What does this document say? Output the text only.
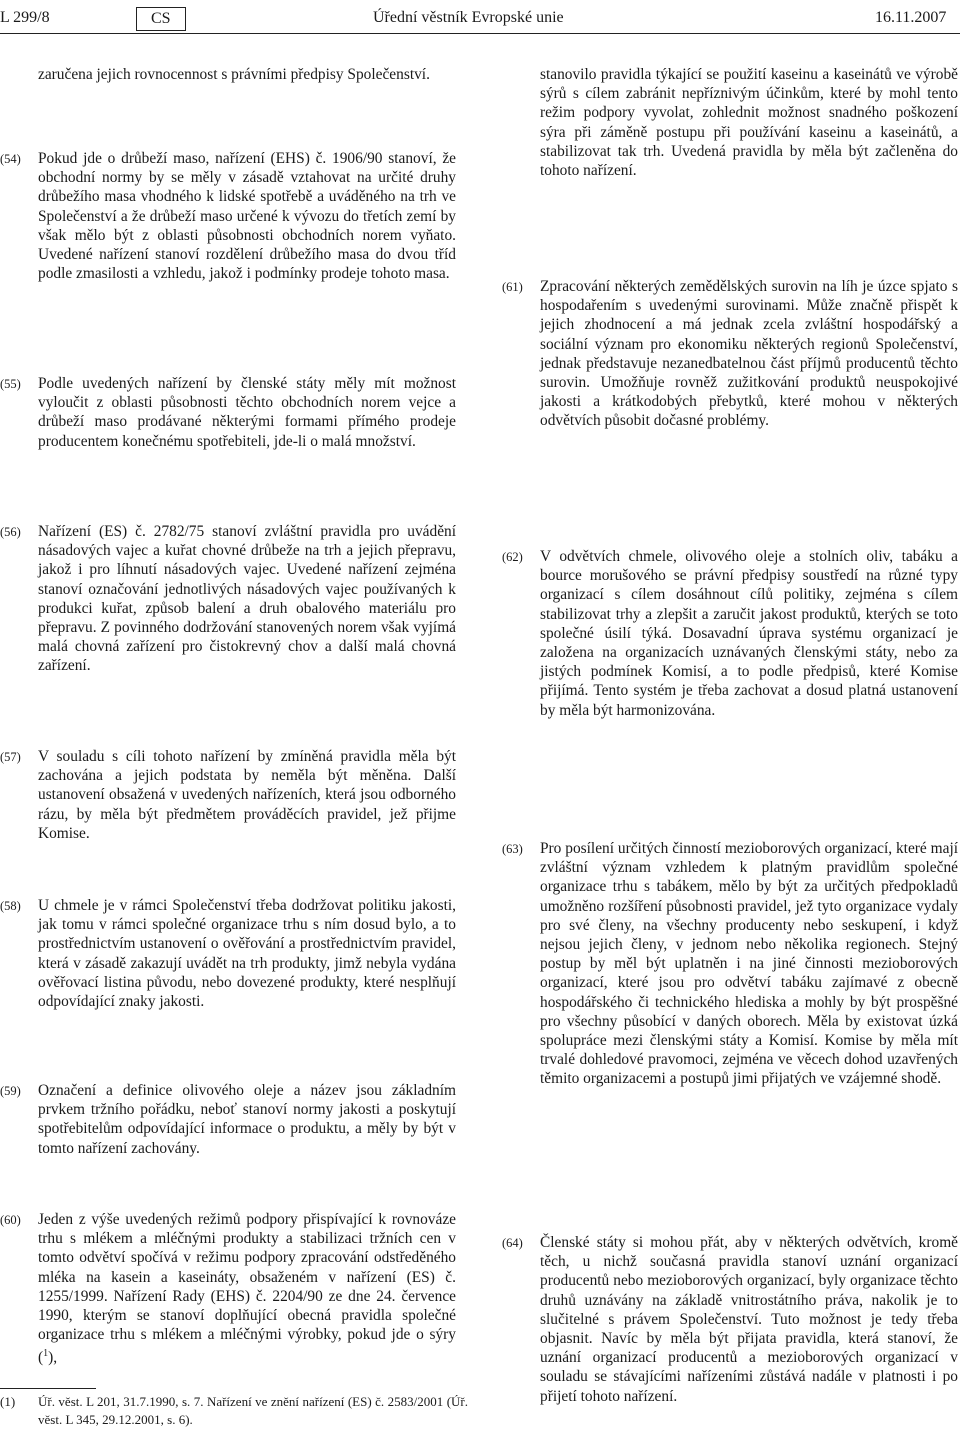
L 299/8	CS	Úřední věstník Evropské unie	16.11.2007

zaručena jejich rovnocennost s právními předpisy Společenství.

(54)	Pokud jde o drůbeží maso, nařízení (EHS) č. 1906/90 stanoví, že obchodní normy by se měly v zásadě vztahovat na určité druhy drůbežího masa vhodného k lidské spotřebě a uváděného na trh ve Společenství a že drůbeží maso určené k vývozu do třetích zemí by však mělo být z oblasti působnosti obchodních norem vyňato. Uvedené nařízení stanoví rozdělení drůbežího masa do dvou tříd podle zmasilosti a vzhledu, jakož i podmínky prodeje tohoto masa.

(55)	Podle uvedených nařízení by členské státy měly mít možnost vyloučit z oblasti působnosti těchto obchodních norem vejce a drůbeží maso prodávané některými formami přímého prodeje producentem konečnému spotřebiteli, jde-li o malá množství.

(56)	Nařízení (ES) č. 2782/75 stanoví zvláštní pravidla pro uvádění násadových vajec a kuřat chovné drůbeže na trh a jejich přepravu, jakož i pro líhnutí násadových vajec. Uvedené nařízení zejména stanoví označování jednotlivých násadových vajec používaných k produkci kuřat, způsob balení a druh obalového materiálu pro přepravu. Z povinného dodržování stanovených norem však vyjímá malá chovná zařízení pro čistokrevný chov a další malá chovná zařízení.

(57)	V souladu s cíli tohoto nařízení by zmíněná pravidla měla být zachována a jejich podstata by neměla být měněna. Další ustanovení obsažená v uvedených nařízeních, která jsou odborného rázu, by měla být předmětem prováděcích pravidel, jež přijme Komise.

(58)	U chmele je v rámci Společenství třeba dodržovat politiku jakosti, jak tomu v rámci společné organizace trhu s ním dosud bylo, a to prostřednictvím ustanovení o ověřování a prostřednictvím pravidel, která v zásadě zakazují uvádět na trh produkty, jimž nebyla vydána ověřovací listina původu, nebo dovezené produkty, které nesplňují odpovídající znaky jakosti.

(59)	Označení a definice olivového oleje a název jsou základním prvkem tržního pořádku, neboť stanoví normy jakosti a poskytují spotřebitelům odpovídající informace o produktu, a měly by být v tomto nařízení zachovány.

(60)	Jeden z výše uvedených režimů podpory přispívající k rovnováze trhu s mlékem a mléčnými produkty a stabilizaci tržních cen v tomto odvětví spočívá v režimu podpory zpracování odstředěného mléka na kasein a kaseináty, obsaženém v nařízení (ES) č. 1255/1999. Nařízení Rady (EHS) č. 2204/90 ze dne 24. července 1990, kterým se stanoví doplňující obecná pravidla společné organizace trhu s mlékem a mléčnými výrobky, pokud jde o sýry ($^1$),

stanovilo pravidla týkající se použití kaseinu a kaseinátů ve výrobě sýrů s cílem zabránit nepříznivým účinkům, které by mohl tento režim podpory vyvolat, zohlednit možnost snadného poškození sýra při záměně postupu při používání kaseinu a kaseinátů, a stabilizovat tak trh. Uvedená pravidla by měla být začleněna do tohoto nařízení.

(61)	Zpracování některých zemědělských surovin na líh je úzce spjato s hospodařením s uvedenými surovinami. Může značně přispět k jejich zhodnocení a má jednak zcela zvláštní hospodářský a sociální význam pro ekonomiku některých regionů Společenství, jednak představuje nezanedbatelnou část příjmů producentů těchto surovin. Umožňuje rovněž zužitkování produktů neuspokojivé jakosti a krátkodobých přebytků, které mohou v některých odvětvích působit dočasné problémy.

(62)	V odvětvích chmele, olivového oleje a stolních oliv, tabáku a bource morušového se právní předpisy soustředí na různé typy organizací s cílem dosáhnout cílů politiky, zejména s cílem stabilizovat trhy a zlepšit a zaručit jakost produktů, kterých se toto společné úsilí týká. Dosavadní úprava systému organizací je založena na organizacích uznávaných členskými státy, nebo za jistých podmínek Komisí, a to podle předpisů, které Komise přijímá. Tento systém je třeba zachovat a dosud platná ustanovení by měla být harmonizována.

(63)	Pro posílení určitých činností mezioborových organizací, které mají zvláštní význam vzhledem k platným pravidlům společné organizace trhu s tabákem, mělo by být za určitých předpokladů umožněno rozšíření působnosti pravidel, jež tyto organizace vydaly pro své členy, na všechny producenty nebo seskupení, i když nejsou jejich členy, v jednom nebo několika regionech. Stejný postup by měl být uplatněn i na jiné činnosti mezioborových organizací, které jsou pro odvětví tabáku zajímavé z obecně hospodářského či technického hlediska a mohly by být prospěšné pro všechny působící v daných oborech. Měla by existovat úzká spolupráce mezi členskými státy a Komisí. Komise by měla mít trvalé dohledové pravomoci, zejména ve věcech dohod uzavřených těmito organizacemi a postupů jimi přijatých ve vzájemné shodě.

(64)	Členské státy si mohou přát, aby v některých odvětvích, kromě těch, u nichž současná pravidla stanoví uznání organizací producentů nebo mezioborových organizací, byly organizace těchto druhů uznávány na základě vnitrostátního práva, nakolik je to slučitelné s právem Společenství. Tuto možnost je tedy třeba objasnit. Navíc by měla být přijata pravidla, která stanoví, že uznání organizací producentů a mezioborových organizací v souladu se stávajícími nařízeními zůstává nadále v platnosti i po přijetí tohoto nařízení.

(1)	Úř. věst. L 201, 31.7.1990, s. 7. Nařízení ve znění nařízení (ES) č. 2583/2001 (Úř. věst. L 345, 29.12.2001, s. 6).
